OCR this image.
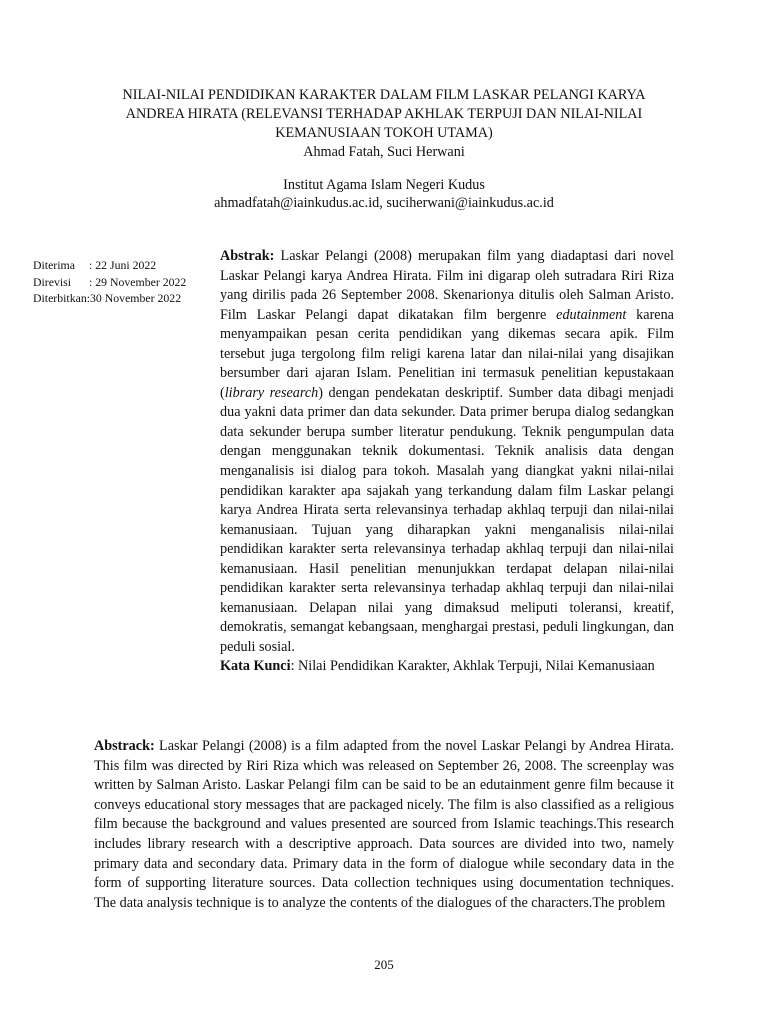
NILAI-NILAI PENDIDIKAN KARAKTER DALAM FILM LASKAR PELANGI KARYA
ANDREA HIRATA (RELEVANSI TERHADAP AKHLAK TERPUJI DAN NILAI-NILAI
KEMANUSIAAN TOKOH UTAMA)
Ahmad Fatah, Suci Herwani
Institut Agama Islam Negeri Kudus
ahmadfatah@iainkudus.ac.id, suciherwani@iainkudus.ac.id
Diterima : 22 Juni 2022
Direvisi : 29 November 2022
Diterbitkan:30 November 2022

Abstrak: Laskar Pelangi (2008) merupakan film yang diadaptasi dari novel Laskar Pelangi karya Andrea Hirata. Film ini digarap oleh sutradara Riri Riza yang dirilis pada 26 September 2008. Skenarionya ditulis oleh Salman Aristo. Film Laskar Pelangi dapat dikatakan film bergenre edutainment karena menyampaikan pesan cerita pendidikan yang dikemas secara apik. Film tersebut juga tergolong film religi karena latar dan nilai-nilai yang disajikan bersumber dari ajaran Islam. Penelitian ini termasuk penelitian kepustakaan (library research) dengan pendekatan deskriptif. Sumber data dibagi menjadi dua yakni data primer dan data sekunder. Data primer berupa dialog sedangkan data sekunder berupa sumber literatur pendukung. Teknik pengumpulan data dengan menggunakan teknik dokumentasi. Teknik analisis data dengan menganalisis isi dialog para tokoh. Masalah yang diangkat yakni nilai-nilai pendidikan karakter apa sajakah yang terkandung dalam film Laskar pelangi karya Andrea Hirata serta relevansinya terhadap akhlaq terpuji dan nilai-nilai kemanusiaan. Tujuan yang diharapkan yakni menganalisis nilai-nilai pendidikan karakter serta relevansinya terhadap akhlaq terpuji dan nilai-nilai kemanusiaan. Hasil penelitian menunjukkan terdapat delapan nilai-nilai pendidikan karakter serta relevansinya terhadap akhlaq terpuji dan nilai-nilai kemanusiaan. Delapan nilai yang dimaksud meliputi toleransi, kreatif, demokratis, semangat kebangsaan, menghargai prestasi, peduli lingkungan, dan peduli sosial.

Kata Kunci: Nilai Pendidikan Karakter, Akhlak Terpuji, Nilai Kemanusiaan

Abstrack: Laskar Pelangi (2008) is a film adapted from the novel Laskar Pelangi by Andrea Hirata. This film was directed by Riri Riza which was released on September 26, 2008. The screenplay was written by Salman Aristo. Laskar Pelangi film can be said to be an edutainment genre film because it conveys educational story messages that are packaged nicely. The film is also classified as a religious film because the background and values presented are sourced from Islamic teachings.This research includes library research with a descriptive approach. Data sources are divided into two, namely primary data and secondary data. Primary data in the form of dialogue while secondary data in the form of supporting literature sources. Data collection techniques using documentation techniques. The data analysis technique is to analyze the contents of the dialogues of the characters.The problem
205
